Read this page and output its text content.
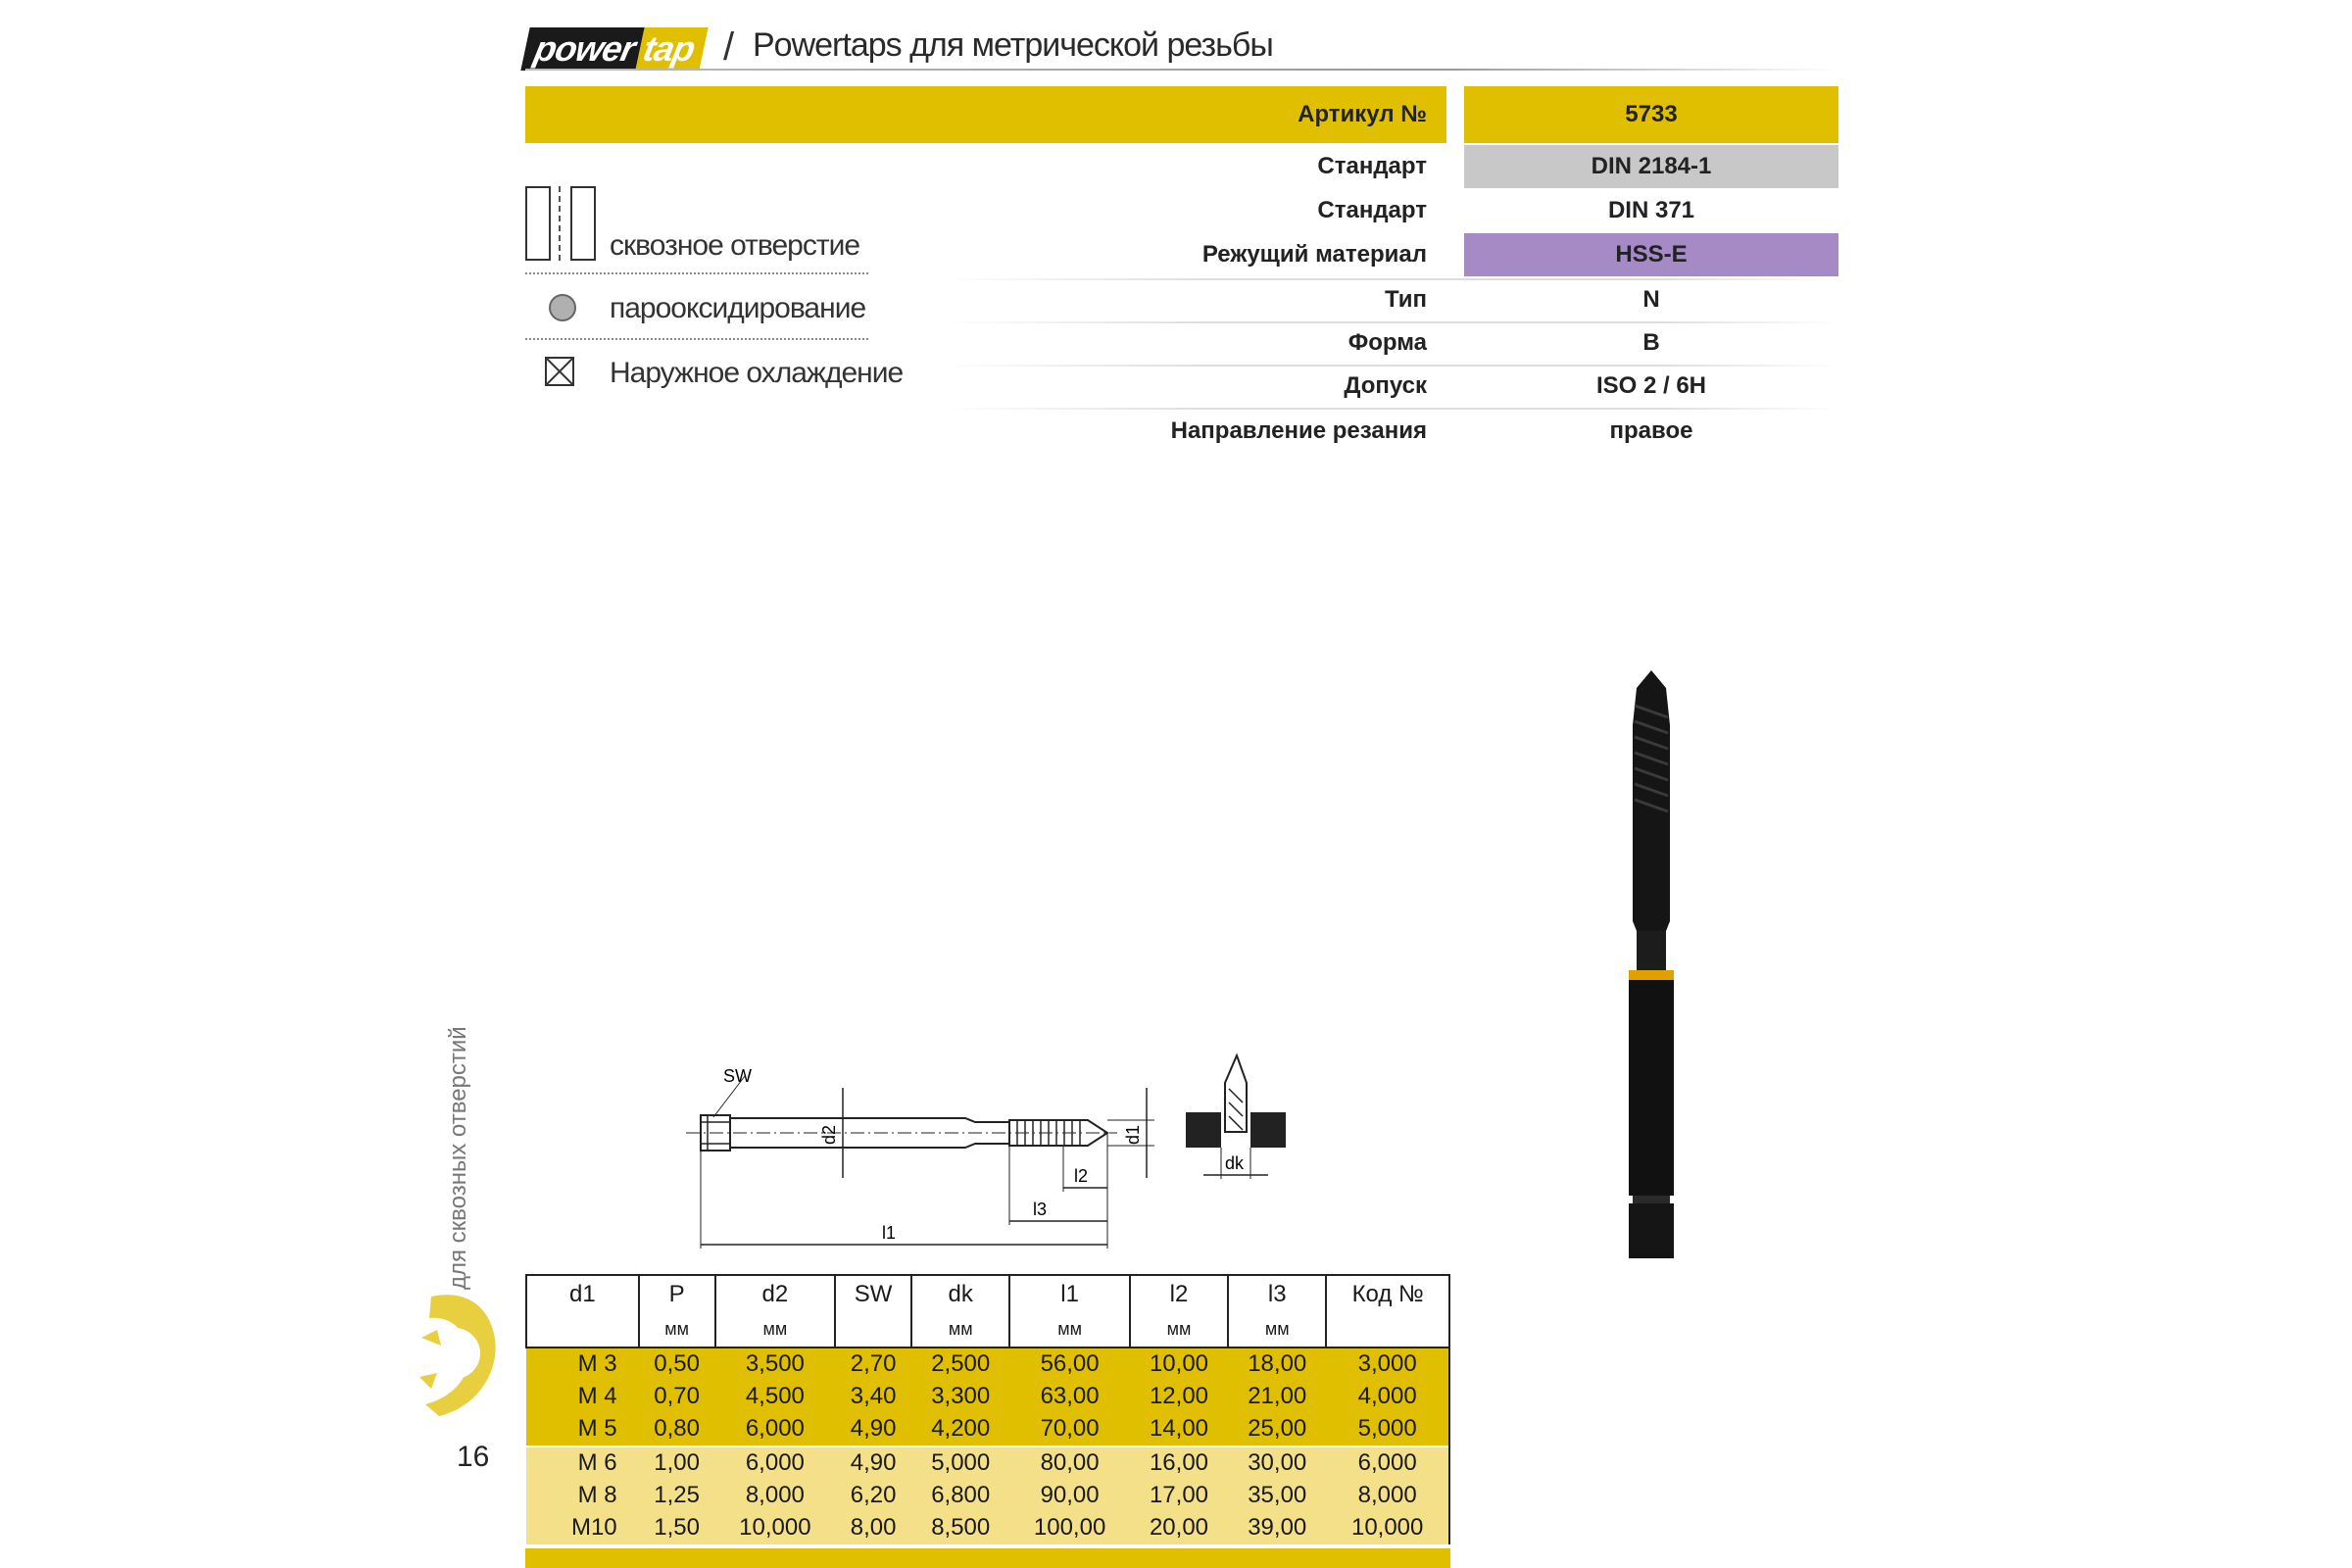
power tap / Powertaps для метрической резьбы
Артикул №	5733
Стандарт	DIN 2184-1
Стандарт	DIN 371
Режущий материал	HSS-E
Тип	N
Форма	B
Допуск	ISO 2 / 6H
Направление резания	правое
сквозное отверстие
парооксидирование
Наружное охлаждение
для сквозных отверстий
16
SW
d2	d1
l2
l3
l1
dk
d1	P	d2	SW	dk	l1	l2	l3	Код №
	мм	мм		мм	мм	мм	мм	
M 3	0,50	3,500	2,70	2,500	56,00	10,00	18,00	3,000
M 4	0,70	4,500	3,40	3,300	63,00	12,00	21,00	4,000
M 5	0,80	6,000	4,90	4,200	70,00	14,00	25,00	5,000
M 6	1,00	6,000	4,90	5,000	80,00	16,00	30,00	6,000
M 8	1,25	8,000	6,20	6,800	90,00	17,00	35,00	8,000
M10	1,50	10,000	8,00	8,500	100,00	20,00	39,00	10,000
